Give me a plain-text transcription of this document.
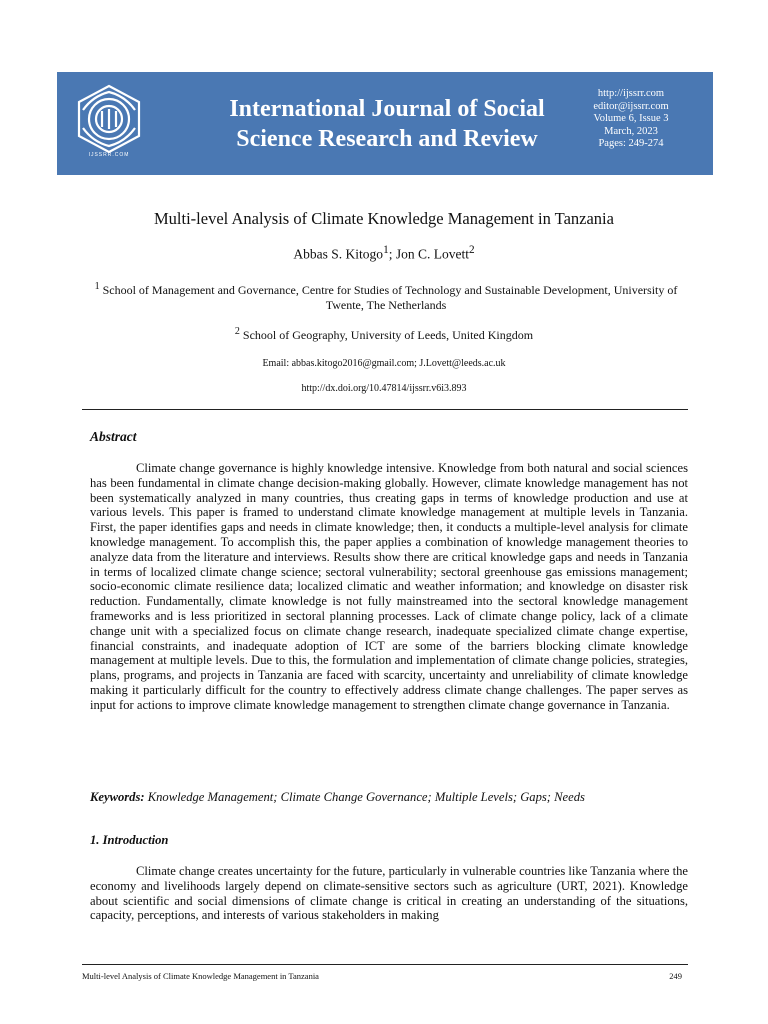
IJSSRR.COM
International Journal of Social Science Research and Review
http://ijssrr.com
editor@ijssrr.com
Volume 6, Issue 3
March, 2023
Pages: 249-274
Multi-level Analysis of Climate Knowledge Management in Tanzania
Abbas S. Kitogo$^1$; Jon C. Lovett$^2$
$^1$ School of Management and Governance, Centre for Studies of Technology and Sustainable Development, University of Twente, The Netherlands
$^2$ School of Geography, University of Leeds, United Kingdom
Email: abbas.kitogo2016@gmail.com; J.Lovett@leeds.ac.uk
http://dx.doi.org/10.47814/ijssrr.v6i3.893
Abstract
Climate change governance is highly knowledge intensive. Knowledge from both natural and social sciences has been fundamental in climate change decision-making globally. However, climate knowledge management has not been systematically analyzed in many countries, thus creating gaps in terms of knowledge production and use at various levels. This paper is framed to understand climate knowledge management at multiple levels in Tanzania. First, the paper identifies gaps and needs in climate knowledge; then, it conducts a multiple-level analysis for climate knowledge management. To accomplish this, the paper applies a combination of knowledge management theories to analyze data from the literature and interviews. Results show there are critical knowledge gaps and needs in Tanzania in terms of localized climate change science; sectoral vulnerability; sectoral greenhouse gas emissions management; socio-economic climate resilience data; localized climatic and weather information; and knowledge on disaster risk reduction. Fundamentally, climate knowledge is not fully mainstreamed into the sectoral knowledge management frameworks and is less prioritized in sectoral planning processes. Lack of climate change policy, lack of a climate change unit with a specialized focus on climate change research, inadequate specialized climate change expertise, financial constraints, and inadequate adoption of ICT are some of the barriers blocking climate knowledge management at multiple levels. Due to this, the formulation and implementation of climate change policies, strategies, plans, programs, and projects in Tanzania are faced with scarcity, uncertainty and unreliability of climate knowledge making it particularly difficult for the country to effectively address climate change challenges. The paper serves as input for actions to improve climate knowledge management to strengthen climate change governance in Tanzania.
Keywords: Knowledge Management; Climate Change Governance; Multiple Levels; Gaps; Needs
1. Introduction
Climate change creates uncertainty for the future, particularly in vulnerable countries like Tanzania where the economy and livelihoods largely depend on climate-sensitive sectors such as agriculture (URT, 2021). Knowledge about scientific and social dimensions of climate change is critical in creating an understanding of the situations, capacity, perceptions, and interests of various stakeholders in making
Multi-level Analysis of Climate Knowledge Management in Tanzania	249
